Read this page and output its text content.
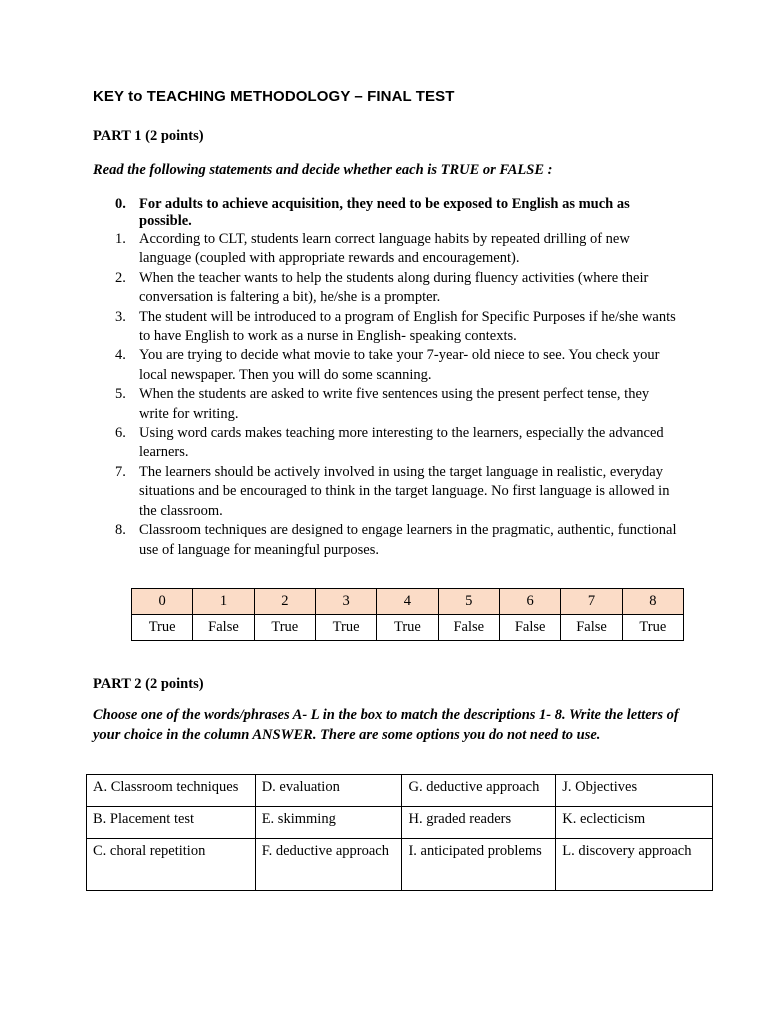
KEY to TEACHING METHODOLOGY – FINAL TEST
PART 1 (2 points)
Read the following statements and decide whether each is TRUE or FALSE :
0. For adults to achieve acquisition, they need to be exposed to English as much as possible.
1. According to CLT, students learn correct language habits by repeated drilling of new language (coupled with appropriate rewards and encouragement).
2. When the teacher wants to help the students along during fluency activities (where their conversation is faltering a bit), he/she is a prompter.
3. The student will be introduced to a program of English for Specific Purposes if he/she wants to have English to work as a nurse in English- speaking contexts.
4. You are trying to decide what movie to take your 7-year- old niece to see. You check your local newspaper. Then you will do some scanning.
5. When the students are asked to write five sentences using the present perfect tense, they write for writing.
6. Using word cards makes teaching more interesting to the learners, especially the advanced learners.
7. The learners should be actively involved in using the target language in realistic, everyday situations and be encouraged to think in the target language. No first language is allowed in the classroom.
8. Classroom techniques are designed to engage learners in the pragmatic, authentic, functional use of language for meaningful purposes.
0	1	2	3	4	5	6	7	8
True	False	True	True	True	False	False	False	True
PART 2 (2 points)
Choose one of the words/phrases A- L in the box to match the descriptions 1- 8. Write the letters of your choice in the column ANSWER. There are some options you do not need to use.
A. Classroom techniques	D. evaluation	G. deductive approach	J. Objectives
B. Placement test	E. skimming	H. graded readers	K. eclecticism
C. choral repetition	F. deductive approach	I. anticipated problems	L. discovery approach
